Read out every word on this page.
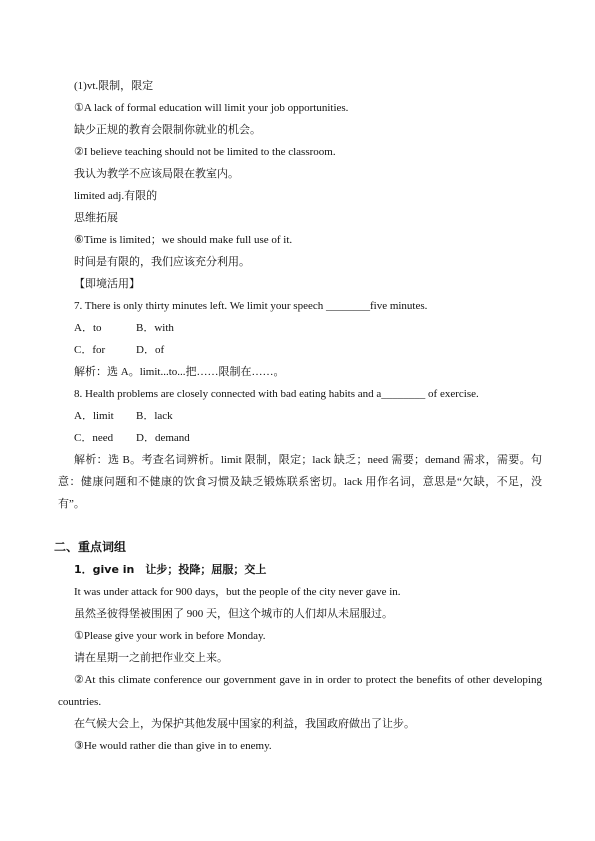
(1)vt.限制，限定
①A lack of formal education will limit your job opportunities.
缺少正规的教育会限制你就业的机会。
②I believe teaching should not be limited to the classroom.
我认为教学不应该局限在教室内。
limited adj.有限的
思维拓展
⑥Time is limited；we should make full use of it.
时间是有限的，我们应该充分利用。
【即境活用】
7. There is only thirty minutes left. We limit your speech ________five minutes.
A．to	B．with
C．for	D．of
解析：选 A。limit...to...把……限制在……。
8. Health problems are closely connected with bad eating habits and a________ of exercise.
A．limit B．lack
C．need D．demand
解析：选 B。考查名词辨析。limit 限制，限定；lack 缺乏；need 需要；demand 需求，需要。句意：健康问题和不健康的饮食习惯及缺乏锻炼联系密切。lack 用作名词，意思是“欠缺，不足，没有”。
二、重点词组
1．give in　让步；投降；屈服；交上
It was under attack for 900 days，but the people of the city never gave in.
虽然圣彼得堡被围困了 900 天，但这个城市的人们却从未屈服过。
①Please give your work in before Monday.
请在星期一之前把作业交上来。
②At this climate conference our government gave in in order to protect the benefits of other developing countries.
在气候大会上，为保护其他发展中国家的利益，我国政府做出了让步。
③He would rather die than give in to enemy.
